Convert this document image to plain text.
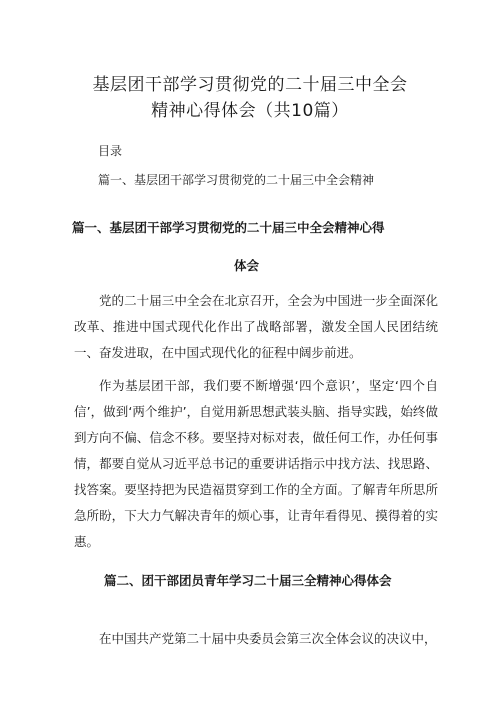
基层团干部学习贯彻党的二十届三中全会
精神心得体会（共10篇）
目录
篇一、基层团干部学习贯彻党的二十届三中全会精神
篇一、基层团干部学习贯彻党的二十届三中全会精神心得
体会

党的二十届三中全会在北京召开，全会为中国进一步全面深化改革、推进中国式现代化作出了战略部署，激发全国人民团结统一、奋发进取，在中国式现代化的征程中阔步前进。

作为基层团干部，我们要不断增强‘四个意识’，坚定‘四个自信’，做到‘两个维护’，自觉用新思想武装头脑、指导实践，始终做到方向不偏、信念不移。要坚持对标对表，做任何工作，办任何事情，都要自觉从习近平总书记的重要讲话指示中找方法、找思路、找答案。要坚持把为民造福贯穿到工作的全方面。了解青年所思所急所盼，下大力气解决青年的烦心事，让青年看得见、摸得着的实惠。

篇二、团干部团员青年学习二十届三全精神心得体会

在中国共产党第二十届中央委员会第三次全体会议的决议中，
